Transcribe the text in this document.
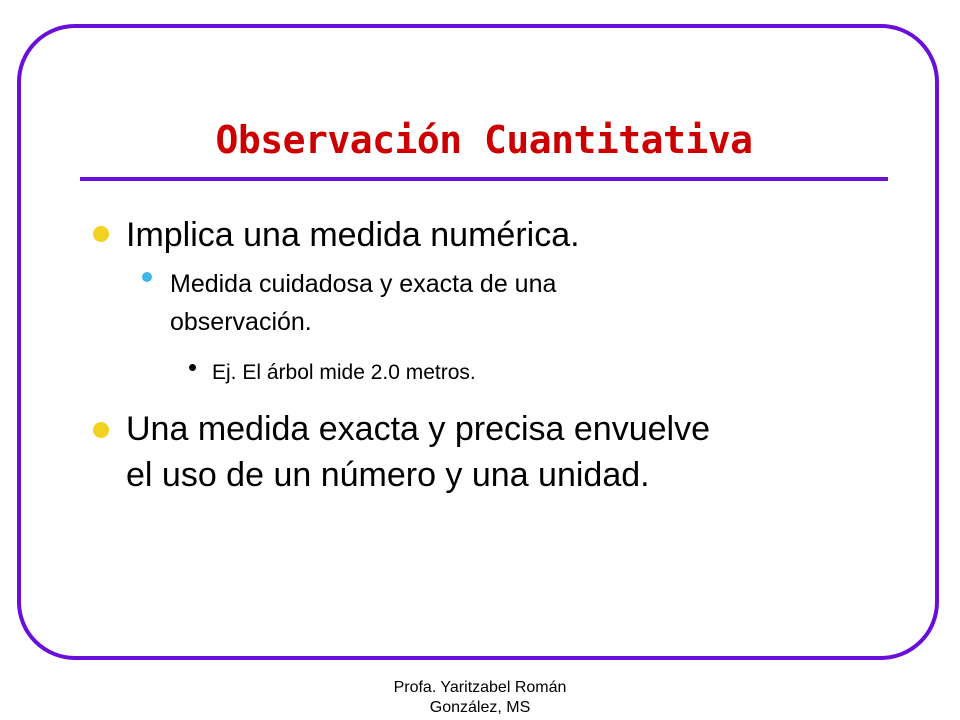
Observación Cuantitativa

Implica una medida numérica.

Medida cuidadosa y exacta de una

observación.

Ej. El árbol mide 2.0 metros.

Una medida exacta y precisa envuelve

el uso de un número y una unidad.

Profa. Yaritzabel Román

González, MS
